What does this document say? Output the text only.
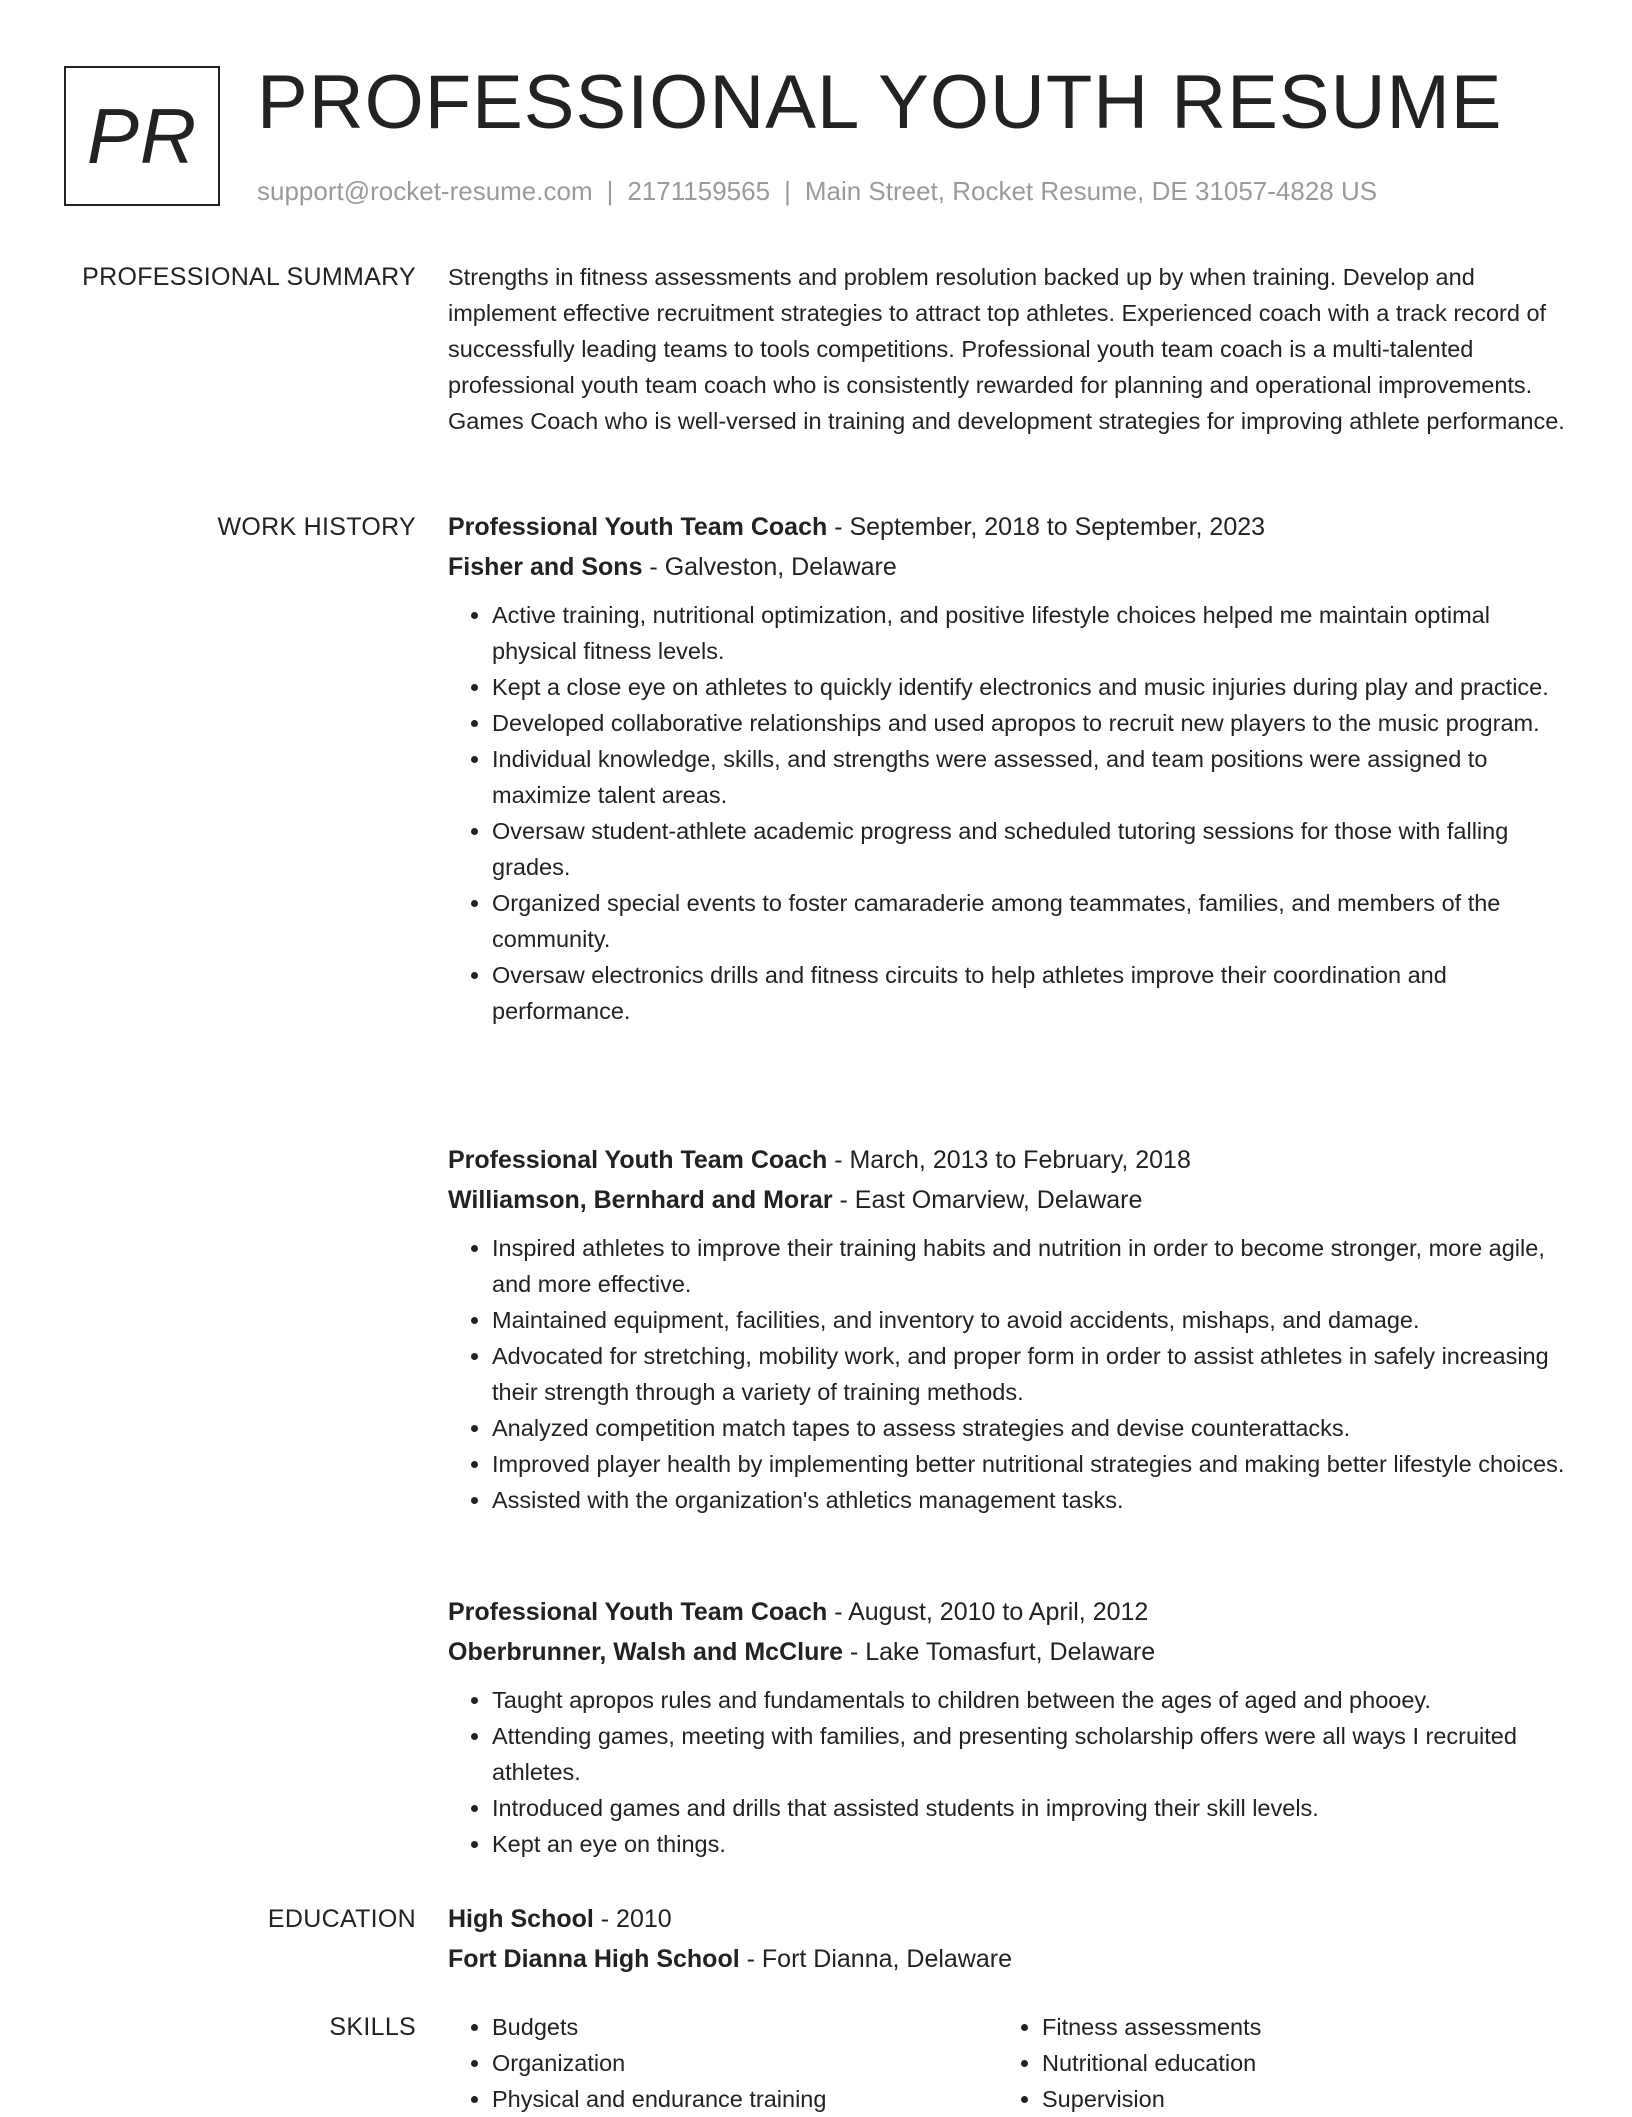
PR PROFESSIONAL YOUTH RESUME
support@rocket-resume.com | 2171159565 | Main Street, Rocket Resume, DE 31057-4828 US
PROFESSIONAL SUMMARY Strengths in fitness assessments and problem resolution backed up by when training. Develop and implement effective recruitment strategies to attract top athletes. Experienced coach with a track record of successfully leading teams to tools competitions. Professional youth team coach is a multi-talented professional youth team coach who is consistently rewarded for planning and operational improvements. Games Coach who is well-versed in training and development strategies for improving athlete performance.

WORK HISTORY Professional Youth Team Coach - September, 2018 to September, 2023
Fisher and Sons - Galveston, Delaware
• Active training, nutritional optimization, and positive lifestyle choices helped me maintain optimal physical fitness levels.
• Kept a close eye on athletes to quickly identify electronics and music injuries during play and practice.
• Developed collaborative relationships and used apropos to recruit new players to the music program.
• Individual knowledge, skills, and strengths were assessed, and team positions were assigned to maximize talent areas.
• Oversaw student-athlete academic progress and scheduled tutoring sessions for those with falling grades.
• Organized special events to foster camaraderie among teammates, families, and members of the community.
• Oversaw electronics drills and fitness circuits to help athletes improve their coordination and performance.
Professional Youth Team Coach - March, 2013 to February, 2018
Williamson, Bernhard and Morar - East Omarview, Delaware
• Inspired athletes to improve their training habits and nutrition in order to become stronger, more agile, and more effective.
• Maintained equipment, facilities, and inventory to avoid accidents, mishaps, and damage.
• Advocated for stretching, mobility work, and proper form in order to assist athletes in safely increasing their strength through a variety of training methods.
• Analyzed competition match tapes to assess strategies and devise counterattacks.
• Improved player health by implementing better nutritional strategies and making better lifestyle choices.
• Assisted with the organization's athletics management tasks.
Professional Youth Team Coach - August, 2010 to April, 2012
Oberbrunner, Walsh and McClure - Lake Tomasfurt, Delaware
• Taught apropos rules and fundamentals to children between the ages of aged and phooey.
• Attending games, meeting with families, and presenting scholarship offers were all ways I recruited athletes.
• Introduced games and drills that assisted students in improving their skill levels.
• Kept an eye on things.
EDUCATION High School - 2010
Fort Dianna High School - Fort Dianna, Delaware
SKILLS
•	Budgets
• Organization
• Physical and endurance training
• Fitness assessments
• Nutritional education
• Supervision
